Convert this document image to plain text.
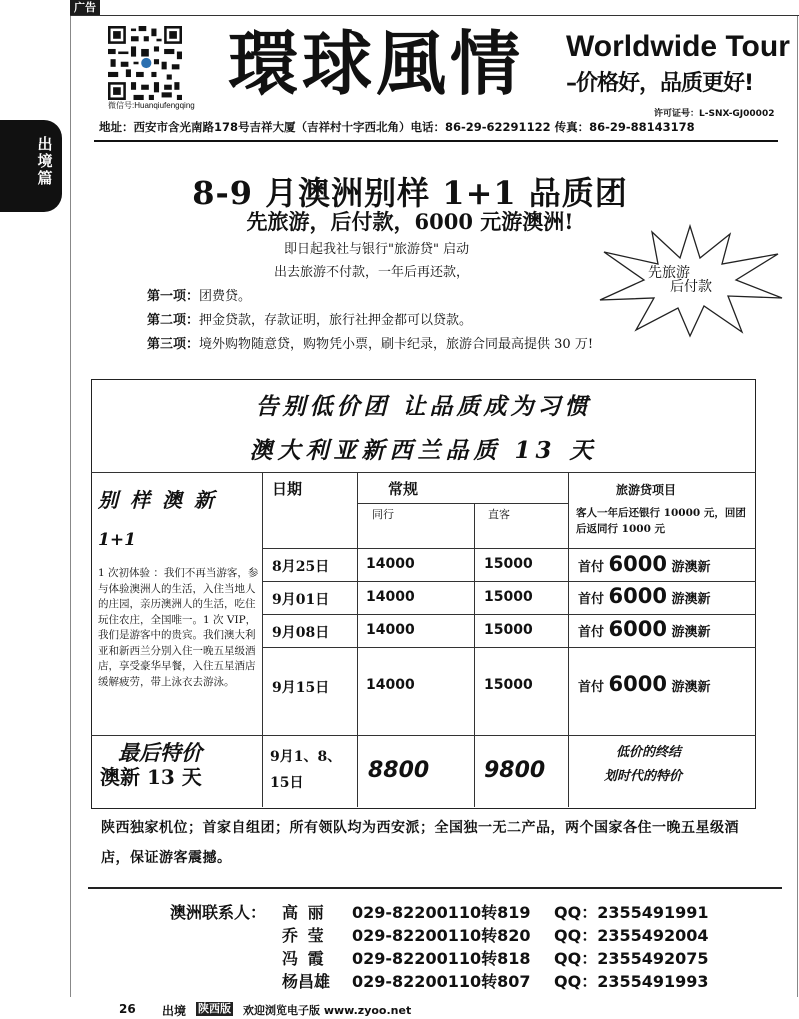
广告
出境篇
微信号:Huanqiufengqing
環球風情 Worldwide Tour
–价格好，品质更好!
许可证号：L-SNX-GJ00002
地址：西安市含光南路178号吉祥大厦（吉祥村十字西北角）电话：86-29-62291122 传真：86-29-88143178
8-9 月澳洲别样 1+1 品质团
先旅游，后付款，6000 元游澳洲!
即日起我社与银行"旅游贷" 启动
出去旅游不付款，一年后再还款，	先旅游
后付款
第一项：团费贷。
第二项：押金贷款，存款证明，旅行社押金都可以贷款。
第三项：境外购物随意贷，购物凭小票，刷卡纪录，旅游合同最高提供 30 万!
告别低价团 让品质成为习惯
澳大利亚新西兰品质 13 天
别样澳新
1+1
1 次初体验 ：我们不再当游客，参与体验澳洲人的生活，入住当地人的庄园，亲历澳洲人的生活，吃住玩住农庄，全国唯一。1 次 VIP，我们是游客中的贵宾。我们澳大利亚和新西兰分别入住一晚五星级酒店，享受豪华早餐，入住五星酒店缓解疲劳，带上泳衣去游泳。
日期	常规
同行	直客
旅游贷项目
客人一年后还银行 10000 元，回团后返同行 1000 元
8月25日	14000	15000	首付 6000 游澳新
9月01日	14000	15000	首付 6000 游澳新
9月08日	14000	15000	首付 6000 游澳新
9月15日	14000	15000	首付 6000 游澳新
最后特价
澳新 13 天
9月1、8、15日	8800 9800
低价的终结
划时代的特价
陕西独家机位；首家自组团；所有领队均为西安派；全国独一无二产品，两个国家各住一晚五星级酒店，保证游客震撼。
澳洲联系人： 高 丽	029-82200110转819 QQ：2355491991
乔 莹	029-82200110转820 QQ：2355492004
冯 霞	029-82200110转818 QQ：2355492075
杨昌雄	029-82200110转807 QQ：2355491993
26 出境 陕西版 欢迎浏览电子版 www.zyoo.net
